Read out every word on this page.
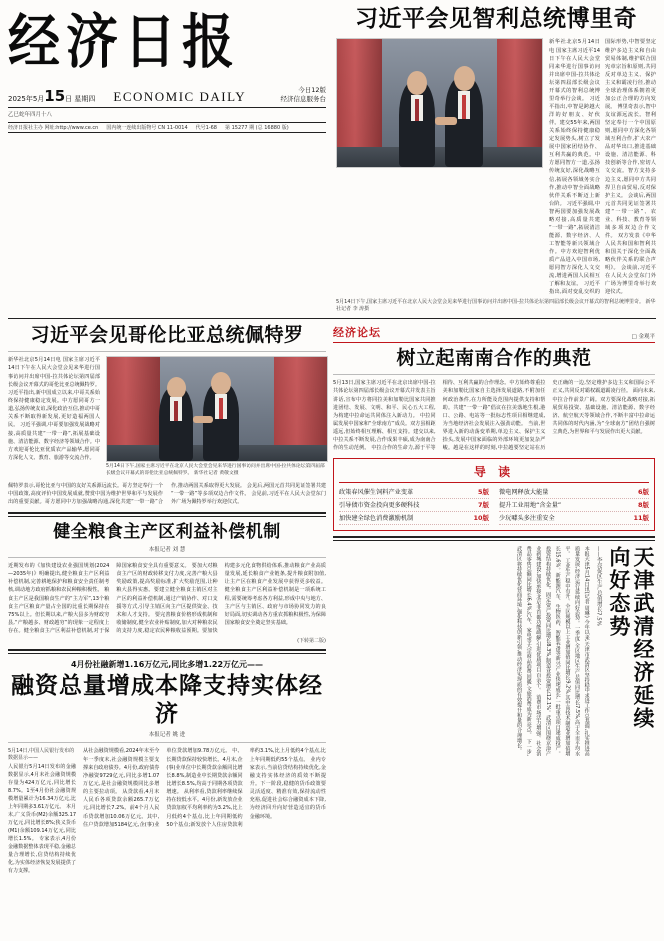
经济日报
2025年5月15日 星期四 ECONOMIC DAILY	今日12版
经济信息服务台
乙巳蛇年四月十八
经济日报社主办 网址:http://www.ce.cn 国内统一连续出版物号 CN 11-0014 代号1-68 第 15277 期 (总 16880 版)
习近平会见智利总统博里奇
新华社北京5月14日电 国家主席习近平14日下午在人民大会堂同来华进行国事访问并出席中国-拉共体论坛第四届部长级会议开幕式的智利总统博里奇举行会谈。 习近平指出,中智是跨越大洋的好朋友、好伙伴。建交55年来,两国关系始终保持健康稳定发展势头,树立了发展中国家团结协作、互利共赢的典范。中方愿同智方一道,弘扬传统友好,深化战略互信,拓展各领域务实合作,推动中智全面战略伙伴关系不断迈上新台阶。 习近平强调,中智两国要加强发展战略对接,高质量共建“一带一路”,拓展清洁能源、数字经济、人工智能等新兴领域合作。中方欢迎智利优质产品进入中国市场,愿同智方深化人文交流,增进两国人民相互了解和友谊。 习近平指出,面对变乱交织的国际形势,中智要坚定维护多边主义和自由贸易体制,维护联合国宪章宗旨和原则,共同反对单边主义、保护主义和霸凌行径,推动全球治理体系朝着更加公正合理的方向发展。 博里奇表示,智中友谊源远流长。智利坚定奉行一个中国原则,愿同中方深化各领域互利合作,扩大农产品对华出口,推进基础设施、清洁能源、科技创新等合作,密切人文交流。智方支持多边主义,愿同中方共同捍卫自由贸易,反对保护主义。 会谈后,两国元首共同见证签署共建“一带一路”、农业、科技、教育等领域多项双边合作文件。 双方发表《中华人民共和国和智利共和国关于深化全面战略伙伴关系的联合声明》。 会谈前,习近平在人民大会堂东门外广场为博里奇举行欢迎仪式。
5月14日下午,国家主席习近平在北京人民大会堂会见来华进行国事访问并出席中国-拉共体论坛第四届部长级会议开幕式的智利总统博里奇。 新华社记者 李 涛摄
习近平会见哥伦比亚总统佩特罗
新华社北京5月14日电 国家主席习近平14日下午在人民大会堂会见来华进行国事访问并出席中国-拉共体论坛第四届部长级会议开幕式的哥伦比亚总统佩特罗。 习近平指出,新中国成立以来,中哥关系始终保持健康稳定发展。中方愿同哥方一道,弘扬传统友谊,深化政治互信,推动中哥关系不断取得新发展,更好造福两国人民。 习近平强调,中哥要加强发展战略对接,高质量共建“一带一路”,拓展基础设施、清洁能源、数字经济等领域合作。中方欢迎哥伦比亚优质农产品输华,愿同哥方深化人文、教育、旅游等交流合作。
5月14日下午,国家主席习近平在北京人民大会堂会见来华进行国事访问并出席中国-拉共体论坛第四届部长级会议开幕式的哥伦比亚总统佩特罗。 新华社记者 黄敬文摄
佩特罗表示,哥伦比亚与中国的友好关系源远流长。哥方坚定奉行一个中国政策,高度评价中国发展成就,赞赏中国为维护世界和平与发展作出的重要贡献。哥方愿同中方加强战略沟通,深化共建“一带一路”合作,推动两国关系取得更大发展。 会见后,两国元首共同见证签署共建“一带一路”等多项双边合作文件。 会见前,习近平在人民大会堂东门外广场为佩特罗举行欢迎仪式。
健全粮食主产区利益补偿机制
本报记者 刘 慧
近期发布的《加快建设农业强国规划(2024—2035年)》明确提出,健全粮食主产区利益补偿机制,完善耕地保护和粮食安全责任制考核,调动地方政府抓粮和农民种粮积极性。 粮食主产区是我国粮食生产的“主力军”,13个粮食主产区粮食产量占全国的比重长期保持在75%以上。但长期以来,产粮大县多为财政穷县,“产粮越多、财政越穷”的现象一定程度上存在。健全粮食主产区利益补偿机制,对于保障国家粮食安全具有重要意义。 要加大对粮食主产区的财政转移支付力度,完善产粮大县奖励政策,提高奖励标准,扩大奖励范围,让种粮大县得实惠。要建立健全粮食主销区对主产区的利益补偿机制,通过产销协作、对口支援等方式,引导主销区向主产区提供资金、技术和人才支持。 要完善粮食价格形成机制和收储制度,健全农业补贴制度,加大对种粮农民的支持力度,稳定农民种粮收益预期。要加快构建多元化食物供给体系,推动粮食产业高质量发展,延长粮食产业链条,提升粮食附加值,让主产区在粮食产业发展中获得更多收益。 健全粮食主产区利益补偿机制是一项系统工程,需要统筹考虑各方利益,形成中央与地方、主产区与主销区、政府与市场协同发力的良好局面,切实调动各方重农抓粮积极性,为保障国家粮食安全奠定坚实基础。
(下转第二版)
4月份社融新增1.16万亿元,同比多增1.22万亿元——
融资总量增成本降支持实体经济
本报记者 姚 进
5月14日,中国人民银行发布的数据显示——
人民银行5月14日发布的金融数据显示,4月末社会融资规模存量为424万亿元,同比增长8.7%。1至4月份社会融资规模增量累计为16.34万亿元,比上年同期多3.61万亿元。 本月末,广义货币(M2)余额325.17万亿元,同比增长8%;狭义货币(M1)余额109.14万亿元,同比增长1.5%。 专家表示,4月份金融数据整体表现平稳,金融总量合理增长,信贷结构持续优化,为实体经济恢复发展提供了有力支撑。
从社会融资规模看,2024年末至今年一季度末,社会融资规模主要支撑来自政府债券。4月份,政府债券净融资9729亿元,同比多增1.07万亿元,是社会融资规模同比多增的主要拉动项。 从贷款看,4月末人民币各项贷款余额265.7万亿元,同比增长7.2%。前4个月人民币贷款增加10.06万亿元。其中,住户贷款增加5184亿元,企(事)业单位贷款增加9.78万亿元。 中、长期贷款保持较快增长。4月末,企(事)业单位中长期贷款余额同比增长8.8%,制造业中长期贷款余额同比增长8.5%,均高于同期各项贷款增速。 从利率看,贷款利率继续保持在较低水平。4月份,新发放企业贷款加权平均利率约为3.2%,比上月低约4个基点,比上年同期低约50个基点;新发放个人住房贷款利率约3.1%,比上月低约4个基点,比上年同期低约55个基点。 业内专家表示,当前信贷结构持续优化,金融支持实体经济的质效不断提升。下一阶段,稳健的货币政策要灵活适度、精准有效,保持流动性充裕,促进社会综合融资成本下降,为经济回升向好营造适宜的货币金融环境。
经济论坛	□ 金观平
树立起南南合作的典范
5月13日,国家主席习近平在北京出席中国-拉共体论坛第四届部长级会议开幕式并发表主旨讲话,宣布中方将同拉美和加勒比国家共同推进团结、发展、文明、和平、民心五大工程,为构建中拉命运共同体注入新动力。 中拉同属发展中国家和“全球南方”成员。双方虽相距遥远,但始终相互理解、相互支持。建交以来,中拉关系不断发展,合作成果丰硕,成为南南合作的生动范例。 中拉合作的生命力,源于平等相待、互利共赢的合作理念。中方始终尊重拉美和加勒比国家自主选择发展道路,不附加任何政治条件,在力所能及范围内提供支持和帮助。共建“一带一路”倡议在拉美落地生根,港口、公路、电站等一批标志性项目相继建成,为当地经济社会发展注入强劲动能。 当前,世界进入新的动荡变革期,单边主义、保护主义抬头,发展中国家面临的外部环境更加复杂严峻。越是在这样的时刻,中拉越要坚定站在历史正确的一边,坚定维护多边主义和国际公平正义,共同反对霸权霸道霸凌行径。 面向未来,中拉合作前景广阔。双方要深化战略对接,拓展贸易投资、基础设施、清洁能源、数字经济、航空航天等领域合作,不断丰富中拉命运共同体的时代内涵,为“全球南方”团结自强树立典范,为世界和平与发展作出更大贡献。
导 读
政策春风催生饲料产业变革	5版
引导债市资金投向更多硬科技	7版
加快建全绿色消费激励机制	10版
微电网释放大能量	6版
提升工业用地“含金量”	8版
少玩噱头多注重安全	11版
本报天津5月14日讯(记者 周琳) 今年以来,天津市武清区坚持稳中求进工作总基调,扎实推进高质量发展,经济运行延续向好态势。一季度,全区地区生产总值同比增长7.5%,高于全市平均水平。 工业生产稳中有升。全区规模以上工业增加值同比增长9.2%,其中高技术制造业增加值增长15.6%。新能源汽车、生物医药、智能装备等新兴产业快速成长,一批重点项目建成投产。 投资结构持续优化。固定资产投资同比增长8.3%,制造业投资增长12.1%。武清区围绕京津产业新城建设,加快承接北京非首都功能疏解,引进优质项目百余个。 消费市场活力增强。社会消费品零售总额同比增长6.4%,汽车、家电等大宗商品消费回暖,文旅消费成为新亮点。 下一步,武清区将持续优化营商环境,强化科技创新引领,推动经济实现质的有效提升和量的合理增长。	——李亮促区生产总值增长7.5%	天津武清经济延续向好态势
